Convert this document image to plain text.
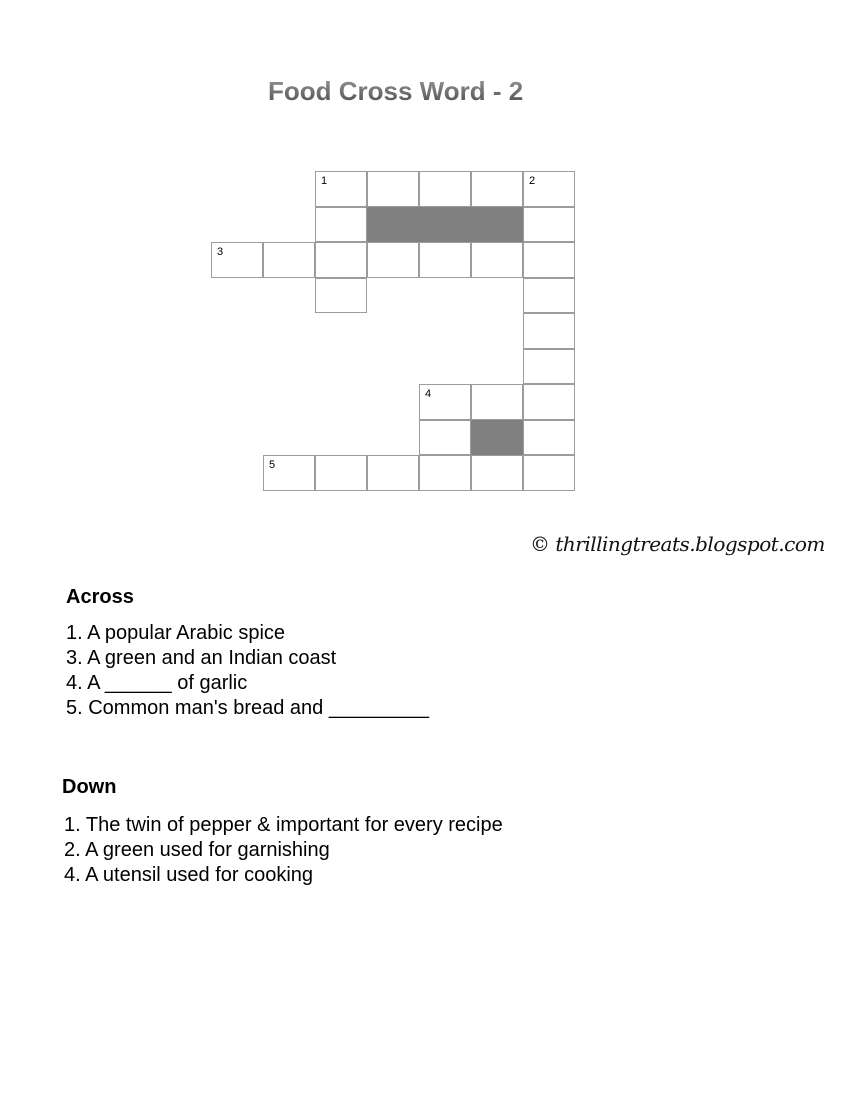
Food Cross Word - 2
1	2
3
4
5
© thrillingtreats.blogspot.com
Across
1. A popular Arabic spice
3. A green and an Indian coast
4. A ______ of garlic
5. Common man's bread and _________
Down
1. The twin of pepper & important for every recipe
2. A green used for garnishing
4. A utensil used for cooking
